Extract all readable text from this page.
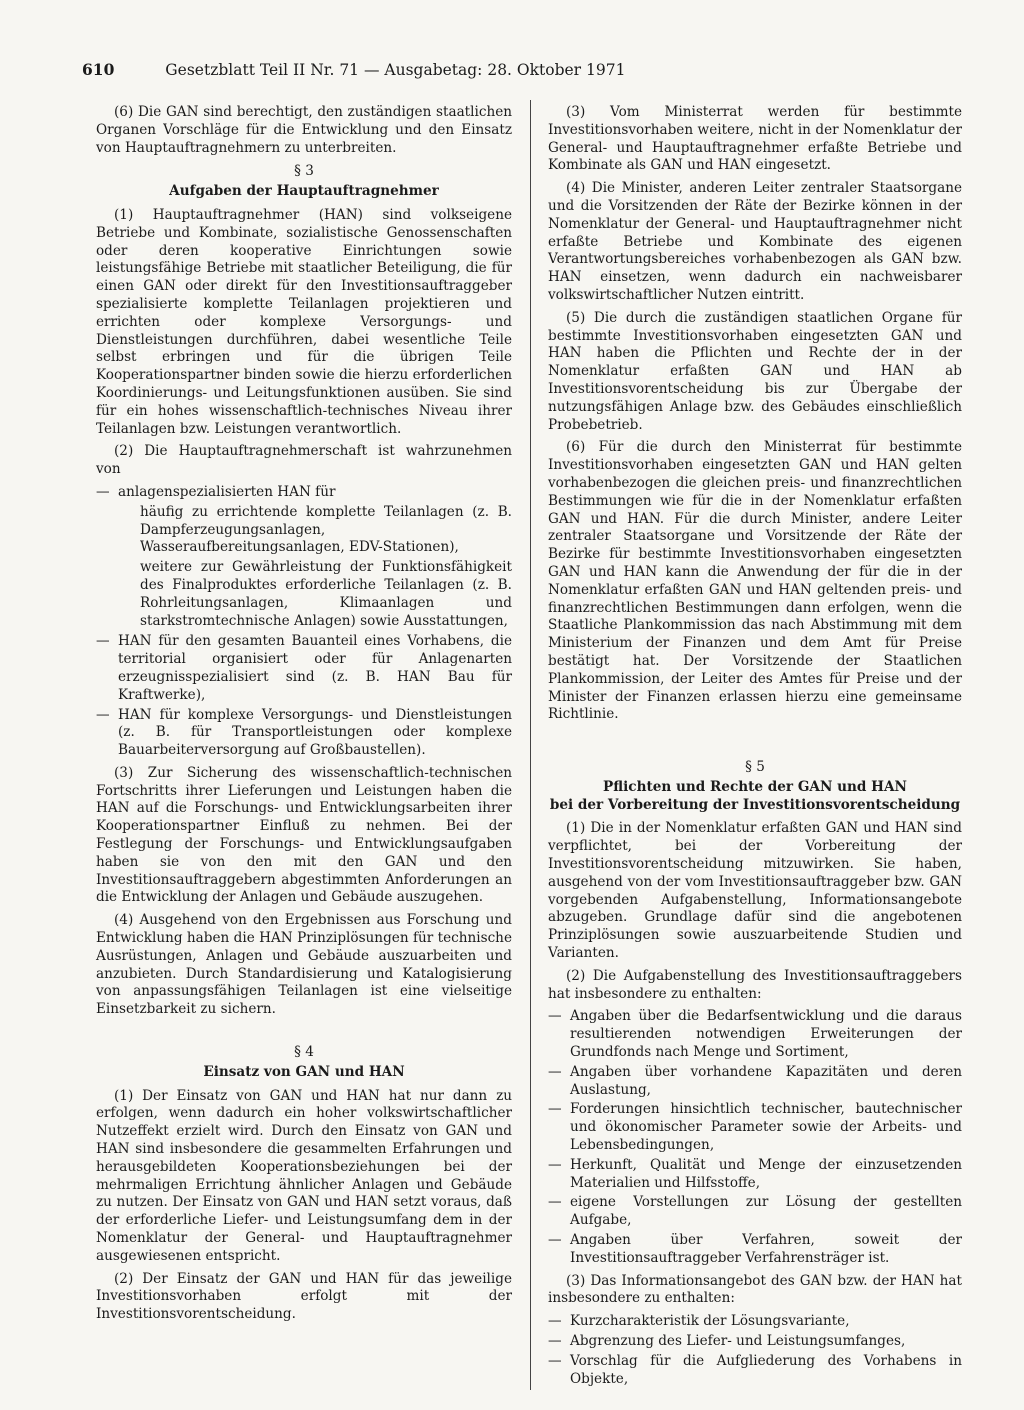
610	Gesetzblatt Teil II Nr. 71 — Ausgabetag: 28. Oktober 1971

(6) Die GAN sind berechtigt, den zuständigen staatlichen Organen Vorschläge für die Entwicklung und den Einsatz von Hauptauftragnehmern zu unterbreiten.

§ 3
Aufgaben der Hauptauftragnehmer

(1) Hauptauftragnehmer (HAN) sind volkseigene Betriebe und Kombinate, sozialistische Genossenschaften oder deren kooperative Einrichtungen sowie leistungsfähige Betriebe mit staatlicher Beteiligung, die für einen GAN oder direkt für den Investitionsauftraggeber spezialisierte komplette Teilanlagen projektieren und errichten oder komplexe Versorgungs- und Dienstleistungen durchführen, dabei wesentliche Teile selbst erbringen und für die übrigen Teile Kooperationspartner binden sowie die hierzu erforderlichen Koordinierungs- und Leitungsfunktionen ausüben. Sie sind für ein hohes wissenschaftlich-technisches Niveau ihrer Teilanlagen bzw. Leistungen verantwortlich.

(2) Die Hauptauftragnehmerschaft ist wahrzunehmen von

— anlagenspezialisierten HAN für
häufig zu errichtende komplette Teilanlagen (z. B. Dampferzeugungsanlagen, Wasseraufbereitungsanlagen, EDV-Stationen),
weitere zur Gewährleistung der Funktionsfähigkeit des Finalproduktes erforderliche Teilanlagen (z. B. Rohrleitungsanlagen, Klimaanlagen und starkstromtechnische Anlagen) sowie Ausstattungen,
— HAN für den gesamten Bauanteil eines Vorhabens, die territorial organisiert oder für Anlagenarten erzeugnisspezialisiert sind (z. B. HAN Bau für Kraftwerke),
— HAN für komplexe Versorgungs- und Dienstleistungen (z. B. für Transportleistungen oder komplexe Bauarbeiterversorgung auf Großbaustellen).

(3) Zur Sicherung des wissenschaftlich-technischen Fortschritts ihrer Lieferungen und Leistungen haben die HAN auf die Forschungs- und Entwicklungsarbeiten ihrer Kooperationspartner Einfluß zu nehmen. Bei der Festlegung der Forschungs- und Entwicklungsaufgaben haben sie von den mit den GAN und den Investitionsauftraggebern abgestimmten Anforderungen an die Entwicklung der Anlagen und Gebäude auszugehen.

(4) Ausgehend von den Ergebnissen aus Forschung und Entwicklung haben die HAN Prinziplösungen für technische Ausrüstungen, Anlagen und Gebäude auszuarbeiten und anzubieten. Durch Standardisierung und Katalogisierung von anpassungsfähigen Teilanlagen ist eine vielseitige Einsetzbarkeit zu sichern.

§ 4
Einsatz von GAN und HAN

(1) Der Einsatz von GAN und HAN hat nur dann zu erfolgen, wenn dadurch ein hoher volkswirtschaftlicher Nutzeffekt erzielt wird. Durch den Einsatz von GAN und HAN sind insbesondere die gesammelten Erfahrungen und herausgebildeten Kooperationsbeziehungen bei der mehrmaligen Errichtung ähnlicher Anlagen und Gebäude zu nutzen. Der Einsatz von GAN und HAN setzt voraus, daß der erforderliche Liefer- und Leistungsumfang dem in der Nomenklatur der General- und Hauptauftragnehmer ausgewiesenen entspricht.

(2) Der Einsatz der GAN und HAN für das jeweilige Investitionsvorhaben erfolgt mit der Investitionsvorentscheidung.

(3) Vom Ministerrat werden für bestimmte Investitionsvorhaben weitere, nicht in der Nomenklatur der General- und Hauptauftragnehmer erfaßte Betriebe und Kombinate als GAN und HAN eingesetzt.

(4) Die Minister, anderen Leiter zentraler Staatsorgane und die Vorsitzenden der Räte der Bezirke können in der Nomenklatur der General- und Hauptauftragnehmer nicht erfaßte Betriebe und Kombinate des eigenen Verantwortungsbereiches vorhabenbezogen als GAN bzw. HAN einsetzen, wenn dadurch ein nachweisbarer volkswirtschaftlicher Nutzen eintritt.

(5) Die durch die zuständigen staatlichen Organe für bestimmte Investitionsvorhaben eingesetzten GAN und HAN haben die Pflichten und Rechte der in der Nomenklatur erfaßten GAN und HAN ab Investitionsvorentscheidung bis zur Übergabe der nutzungsfähigen Anlage bzw. des Gebäudes einschließlich Probebetrieb.

(6) Für die durch den Ministerrat für bestimmte Investitionsvorhaben eingesetzten GAN und HAN gelten vorhabenbezogen die gleichen preis- und finanzrechtlichen Bestimmungen wie für die in der Nomenklatur erfaßten GAN und HAN. Für die durch Minister, andere Leiter zentraler Staatsorgane und Vorsitzende der Räte der Bezirke für bestimmte Investitionsvorhaben eingesetzten GAN und HAN kann die Anwendung der für die in der Nomenklatur erfaßten GAN und HAN geltenden preis- und finanzrechtlichen Bestimmungen dann erfolgen, wenn die Staatliche Plankommission das nach Abstimmung mit dem Ministerium der Finanzen und dem Amt für Preise bestätigt hat. Der Vorsitzende der Staatlichen Plankommission, der Leiter des Amtes für Preise und der Minister der Finanzen erlassen hierzu eine gemeinsame Richtlinie.

§ 5
Pflichten und Rechte der GAN und HAN
bei der Vorbereitung der Investitionsvorentscheidung

(1) Die in der Nomenklatur erfaßten GAN und HAN sind verpflichtet, bei der Vorbereitung der Investitionsvorentscheidung mitzuwirken. Sie haben, ausgehend von der vom Investitionsauftraggeber bzw. GAN vorgebenden Aufgabenstellung, Informationsangebote abzugeben. Grundlage dafür sind die angebotenen Prinziplösungen sowie auszuarbeitende Studien und Varianten.

(2) Die Aufgabenstellung des Investitionsauftraggebers hat insbesondere zu enthalten:

— Angaben über die Bedarfsentwicklung und die daraus resultierenden notwendigen Erweiterungen der Grundfonds nach Menge und Sortiment,
— Angaben über vorhandene Kapazitäten und deren Auslastung,
— Forderungen hinsichtlich technischer, bautechnischer und ökonomischer Parameter sowie der Arbeits- und Lebensbedingungen,
— Herkunft, Qualität und Menge der einzusetzenden Materialien und Hilfsstoffe,
— eigene Vorstellungen zur Lösung der gestellten Aufgabe,
— Angaben über Verfahren, soweit der Investitionsauftraggeber Verfahrensträger ist.

(3) Das Informationsangebot des GAN bzw. der HAN hat insbesondere zu enthalten:

— Kurzcharakteristik der Lösungsvariante,
— Abgrenzung des Liefer- und Leistungsumfanges,
— Vorschlag für die Aufgliederung des Vorhabens in Objekte,
